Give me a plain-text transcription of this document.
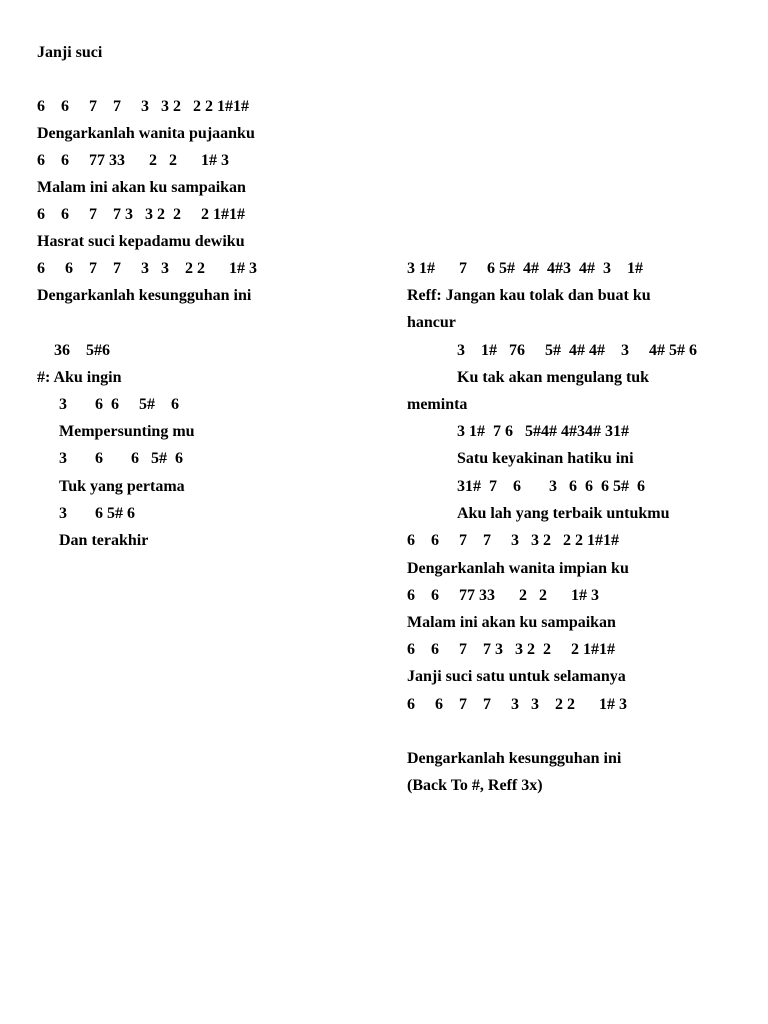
Janji suci
6    6     7    7     3   3 2   2 2 1#1#
Dengarkanlah wanita pujaanku
6    6     77 33      2   2      1# 3
Malam ini akan ku sampaikan
6    6     7    7 3   3 2  2     2 1#1#
Hasrat suci kepadamu dewiku
6     6    7    7     3   3    2 2      1# 3
Dengarkanlah kesungguhan ini
36    5#6
#: Aku ingin
3       6  6     5#    6
Mempersunting mu
3       6       6   5#  6
Tuk yang pertama
3       6 5# 6
Dan terakhir
3 1#      7     6 5#  4#  4#3  4#  3    1#
Reff: Jangan kau tolak dan buat ku
hancur
3    1#   76     5#  4# 4#    3     4# 5# 6
Ku tak akan mengulang tuk
meminta
3 1#  7 6   5#4# 4#34# 31#
Satu keyakinan hatiku ini
31#  7    6       3   6  6  6 5#  6
Aku lah yang terbaik untukmu
6    6     7    7     3   3 2   2 2 1#1#
Dengarkanlah wanita impian ku
6    6     77 33      2   2      1# 3
Malam ini akan ku sampaikan
6    6     7    7 3   3 2  2     2 1#1#
Janji suci satu untuk selamanya
6     6    7    7     3   3    2 2      1# 3
Dengarkanlah kesungguhan ini
(Back To #, Reff 3x)
